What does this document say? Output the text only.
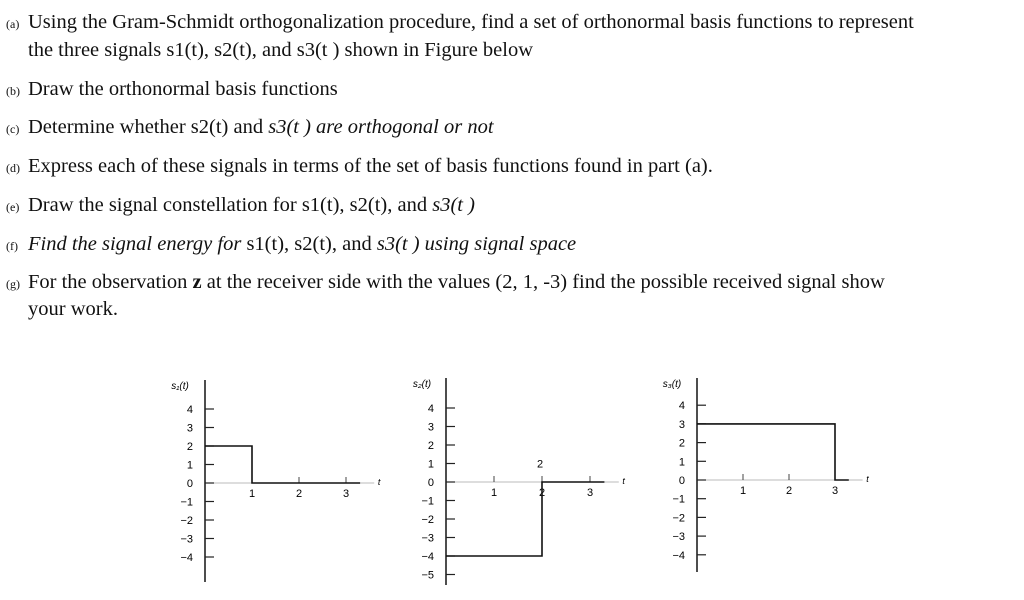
(a) Using the Gram-Schmidt orthogonalization procedure, find a set of orthonormal basis functions to represent
the three signals s1(t), s2(t), and s3(t ) shown in Figure below
(b) Draw the orthonormal basis functions
(c) Determine whether s2(t) and s3(t ) are orthogonal or not
(d) Express each of these signals in terms of the set of basis functions found in part (a).
(e) Draw the signal constellation for s1(t), s2(t), and s3(t )
(f) Find the signal energy for s1(t), s2(t), and s3(t ) using signal space
(g) For the observation z at the receiver side with the values (2, 1, -3) find the possible received signal show
your work.
4
3
2
1
0
−1
−2
−3
−4
1	2	3
s₁(t)
t
4
3
2
1
0
−1
−2
−3
−4
−5
1	2	3
s₂(t)
t
2
4
3
2
1
0
−1
−2
−3
−4
1	2	3
s₃(t)
t
